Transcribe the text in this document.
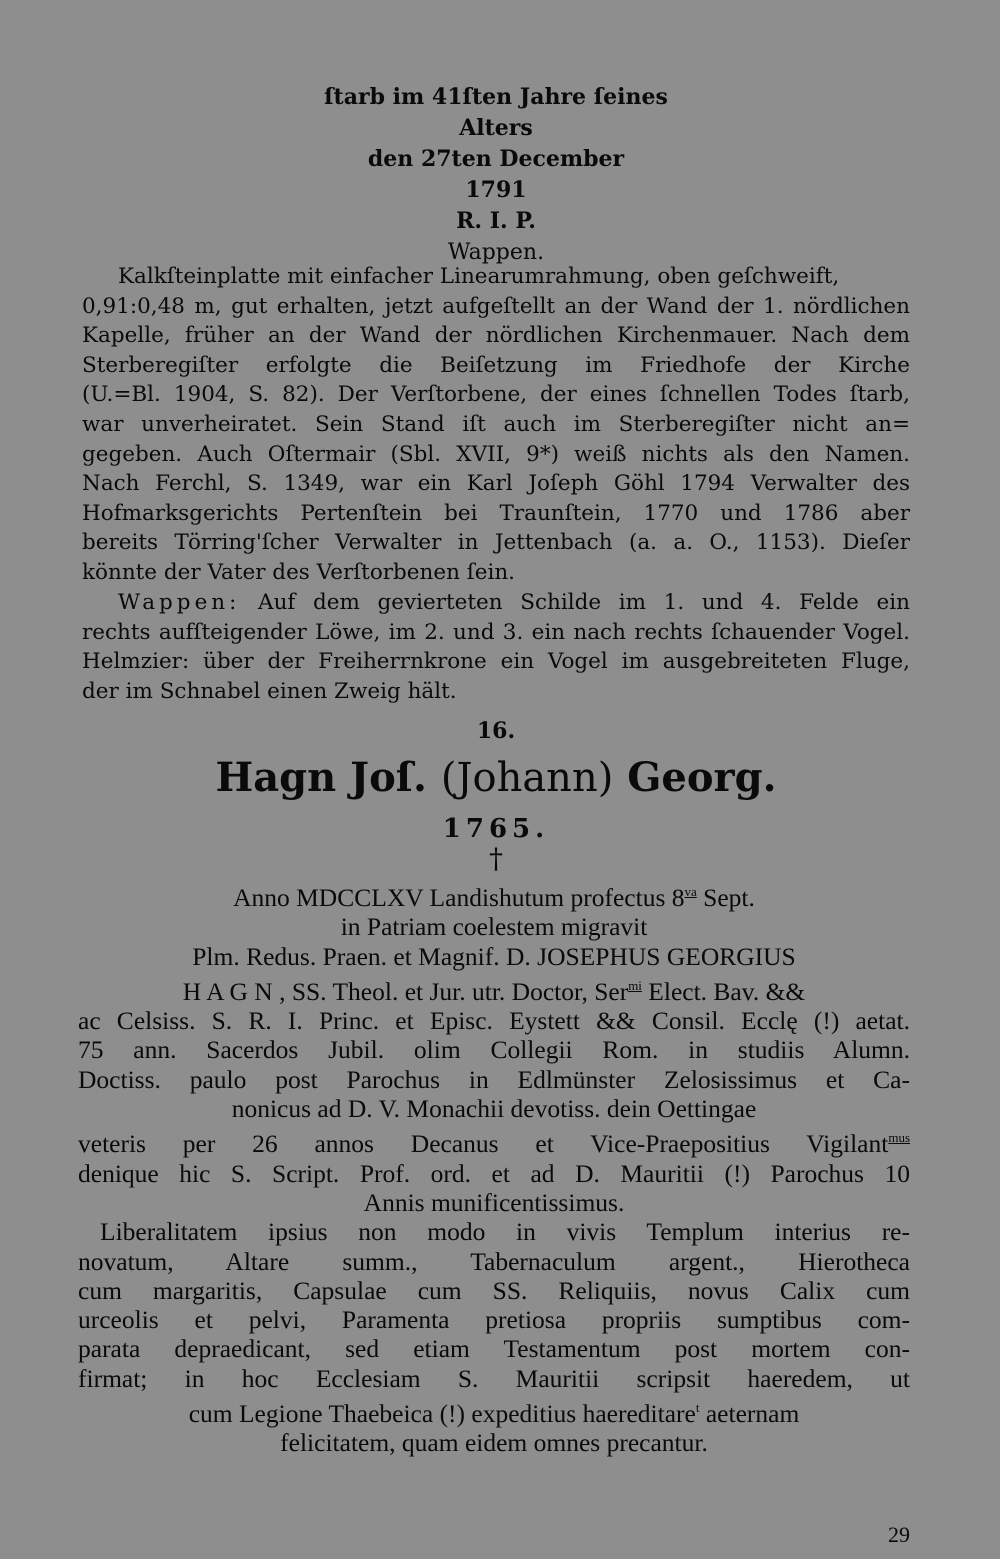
ſtarb im 41ſten Jahre ſeines
Alters
den 27ten December
1791
R. I. P.
Wappen.
Kalkſteinplatte mit einfacher Linearumrahmung, oben geſchweift,
0,91:0,48 m, gut erhalten, jetzt aufgeſtellt an der Wand der 1. nördlichen
Kapelle, früher an der Wand der nördlichen Kirchenmauer. Nach dem
Sterberegiſter erfolgte die Beiſetzung im Friedhofe der Kirche
(U.=Bl. 1904, S. 82). Der Verſtorbene, der eines ſchnellen Todes ſtarb,
war unverheiratet. Sein Stand iſt auch im Sterberegiſter nicht an=
gegeben. Auch Oſtermair (Sbl. XVII, 9*) weiß nichts als den Namen.
Nach Ferchl, S. 1349, war ein Karl Joſeph Göhl 1794 Verwalter des
Hofmarksgerichts Pertenſtein bei Traunſtein, 1770 und 1786 aber
bereits Törring'ſcher Verwalter in Jettenbach (a. a. O., 1153). Dieſer
könnte der Vater des Verſtorbenen ſein.
Wappen: Auf dem gevierteten Schilde im 1. und 4. Felde ein
rechts aufſteigender Löwe, im 2. und 3. ein nach rechts ſchauender Vogel.
Helmzier: über der Freiherrnkrone ein Vogel im ausgebreiteten Fluge,
der im Schnabel einen Zweig hält.
16.
Hagn Joſ. (Johann) Georg.
1765.
†
Anno MDCCLXV Landishutum profectus $8^{va}$ Sept.
in Patriam coelestem migravit
Plm. Redus. Praen. et Magnif. D. JOSEPHUS GEORGIUS
H A G N , SS. Theol. et Jur. utr. Doctor, Ser$^{mi}$ Elect. Bav. &&
ac Celsiss. S. R. I. Princ. et Episc. Eystett && Consil. Ecclę (!) aetat.
75 ann. Sacerdos Jubil. olim Collegii Rom. in studiis Alumn.
Doctiss. paulo post Parochus in Edlmünster Zelosissimus et Ca-
nonicus ad D. V. Monachii devotiss. dein Oettingae
veteris per 26 annos Decanus et Vice-Praepositius Vigilant$^{mus}$
denique hic S. Script. Prof. ord. et ad D. Mauritii (!) Parochus 10
Annis munificentissimus.
Liberalitatem ipsius non modo in vivis Templum interius re-
novatum, Altare summ., Tabernaculum argent., Hierotheca
cum margaritis, Capsulae cum SS. Reliquiis, novus Calix cum
urceolis et pelvi, Paramenta pretiosa propriis sumptibus com-
parata depraedicant, sed etiam Testamentum post mortem con-
firmat; in hoc Ecclesiam S. Mauritii scripsit haeredem, ut
cum Legione Thaebeica (!) expeditius haereditare$^t$ aeternam
felicitatem, quam eidem omnes precantur.
29
